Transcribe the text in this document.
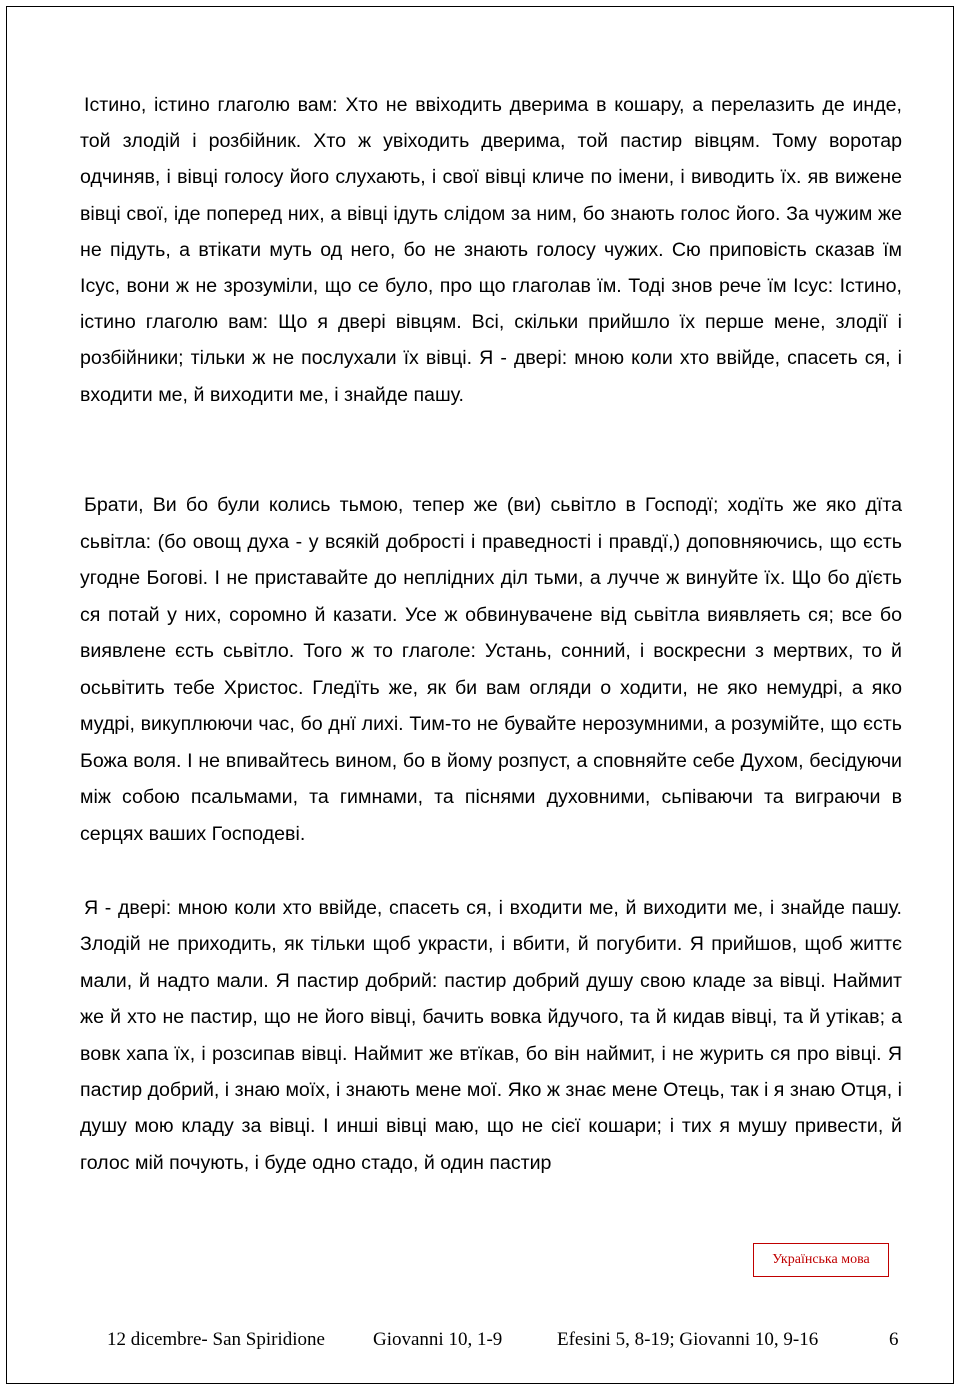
Істино, істино глаголю вам: Хто не ввіходить дверима в кошару, а перелазить де инде, той злодій і розбійник. Хто ж увіходить дверима, той пастир вівцям. Тому воротар одчиняв, і вівці голосу його слухають, і свої вівці кличе по імени, і виводить їх. яв вижене вівці свої, іде поперед них, а вівці ідуть слідом за ним, бо знають голос його. За чужим же не підуть, а втікати муть од него, бо не знають голосу чужих. Сю приповість сказав їм Ісус, вони ж не зрозуміли, що се було, про що глаголав їм. Тоді знов рече їм Ісус: Істино, істино глаголю вам: Що я двері вівцям. Всі, скільки прийшло їх перше мене, злодії і розбійники; тільки ж не послухали їх вівці. Я - двері: мною коли хто ввійде, спасеть ся, і входити ме, й виходити ме, і знайде пашу.

Брати, Ви бо були колись тьмою, тепер же (ви) сьвітло в Господї; ходїть же яко дїта сьвітла: (бо овощ духа - у всякій добрості і праведності і правдї,) доповняючись, що єсть угодне Богові. І не приставайте до неплідних діл тьми, а лучче ж винуйте їх. Що бо дїєть ся потай у них, соромно й казати. Усе ж обвинувачене від сьвітла виявляеть ся; все бо виявлене єсть сьвітло. Того ж то глаголе: Устань, сонний, і воскресни з мертвих, то й осьвітить тебе Христос. Гледїть же, як би вам огляди о ходити, не яко немудрі, а яко мудрі, викуплюючи час, бо днї лихі. Тим-то не бувайте нерозумними, а розумійте, що єсть Божа воля. І не впивайтесь вином, бо в йому розпуст, а сповняйте себе Духом, бесідуючи між собою псальмами, та гимнами, та піснями духовними, сьпіваючи та виграючи в серцях ваших Господеві.

Я - двері: мною коли хто ввійде, спасеть ся, і входити ме, й виходити ме, і знайде пашу. Злодій не приходить, як тільки щоб украсти, і вбити, й погубити. Я прийшов, щоб життє мали, й надто мали. Я пастир добрий: пастир добрий душу свою кладе за вівці. Наймит же й хто не пастир, що не його вівці, бачить вовка йдучого, та й кидав вівці, та й утікав; а вовк хапа їх, і розсипав вівці. Наймит же втїкав, бо він наймит, і не журить ся про вівці. Я пастир добрий, і знаю моїх, і знають мене мої. Яко ж знає мене Отець, так і я знаю Отця, і душу мою кладу за вівці. І инші вівці маю, що не сієї кошари; і тих я мушу привести, й голос мій почують, і буде одно стадо, й один пастир

Українська мова
12 dicembre- San Spiridione	Giovanni 10, 1-9	Efesini 5, 8-19; Giovanni 10, 9-16	6
